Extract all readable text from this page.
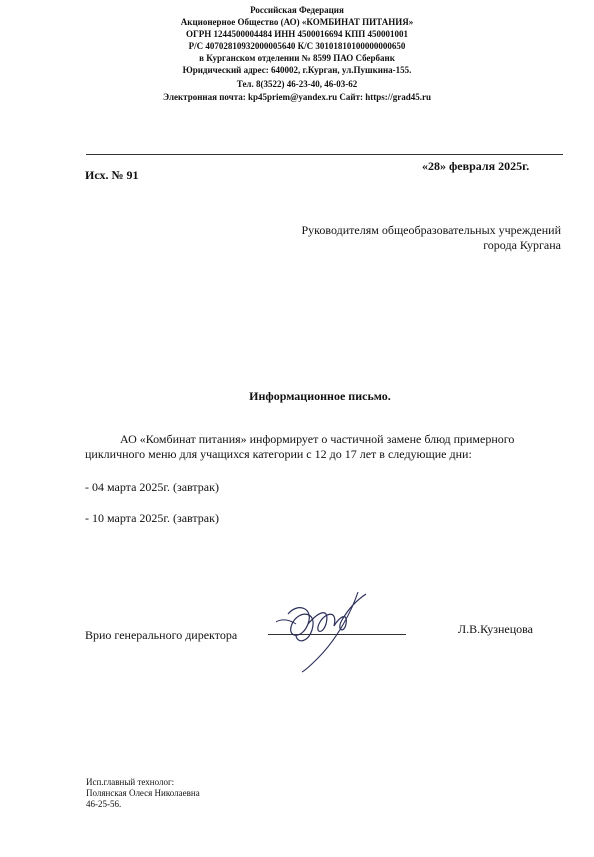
Российская Федерация
Акционерное Общество (АО) «КОМБИНАТ ПИТАНИЯ»
ОГРН 1244500004484 ИНН 4500016694 КПП 450001001
Р/С 40702810932000005640 К/С 30101810100000000650
в Курганском отделении № 8599 ПАО Сбербанк
Юридический адрес: 640002, г.Курган, ул.Пушкина-155.
Тел. 8(3522) 46-23-40, 46-03-62
Электронная почта: kp45priem@yandex.ru Сайт: https://grad45.ru
Исх. № 91
«28» февраля 2025г.
Руководителям общеобразовательных учреждений
города Кургана
Информационное письмо.
АО «Комбинат питания» информирует о частичной замене блюд примерного
цикличного меню для учащихся категории с 12 до 17 лет в следующие дни:
- 04 марта 2025г. (завтрак)
- 10 марта 2025г. (завтрак)
Врио генерального директора	Л.В.Кузнецова
Исп.главный технолог:
Полянская Олеся Николаевна
46-25-56.
